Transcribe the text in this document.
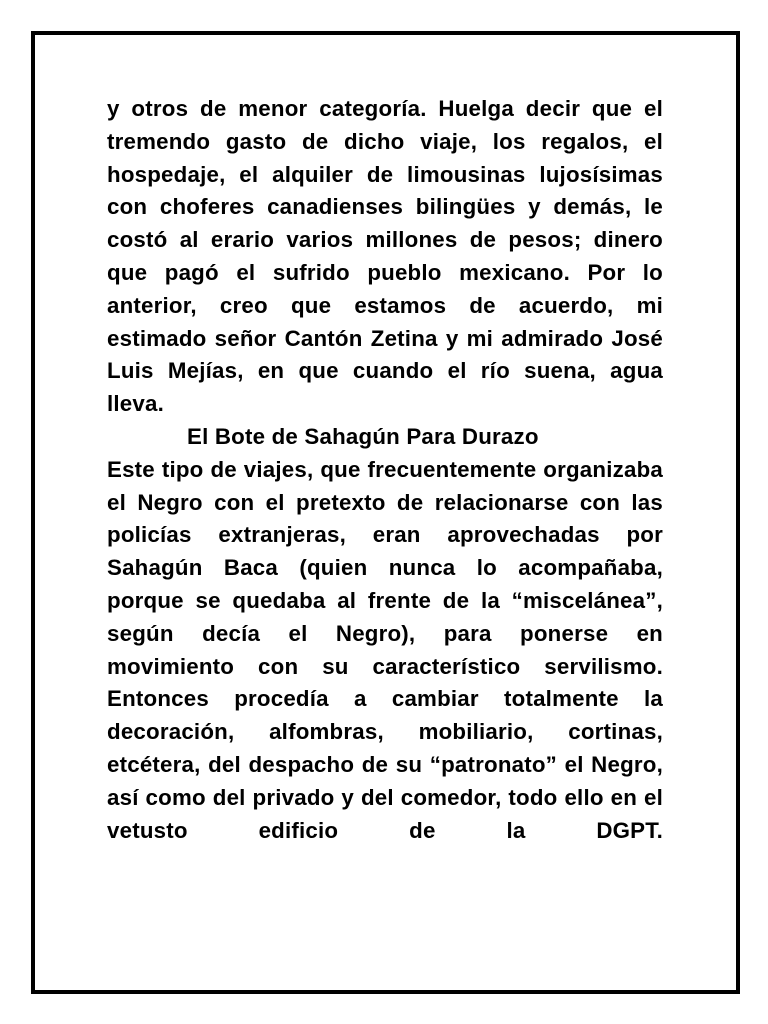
y otros de menor categoría. Huelga decir que el tremendo gasto de dicho viaje, los regalos, el hospedaje, el alquiler de limousinas lujosísimas con choferes canadienses bilingües y demás, le costó al erario varios millones de pesos; dinero que pagó el sufrido pueblo mexicano. Por lo anterior, creo que estamos de acuerdo, mi estimado señor Cantón Zetina y mi admirado José Luis Mejías, en que cuando el río suena, agua lleva.

El Bote de Sahagún Para Durazo

Este tipo de viajes, que frecuentemente organizaba el Negro con el pretexto de relacionarse con las policías extranjeras, eran aprovechadas por Sahagún Baca (quien nunca lo acompañaba, porque se quedaba al frente de la “miscelánea”, según decía el Negro), para ponerse en movimiento con su característico servilismo. Entonces procedía a cambiar totalmente la decoración, alfombras, mobiliario, cortinas, etcétera, del despacho de su “patronato” el Negro, así como del privado y del comedor, todo ello en el vetusto edificio de la DGPT.
